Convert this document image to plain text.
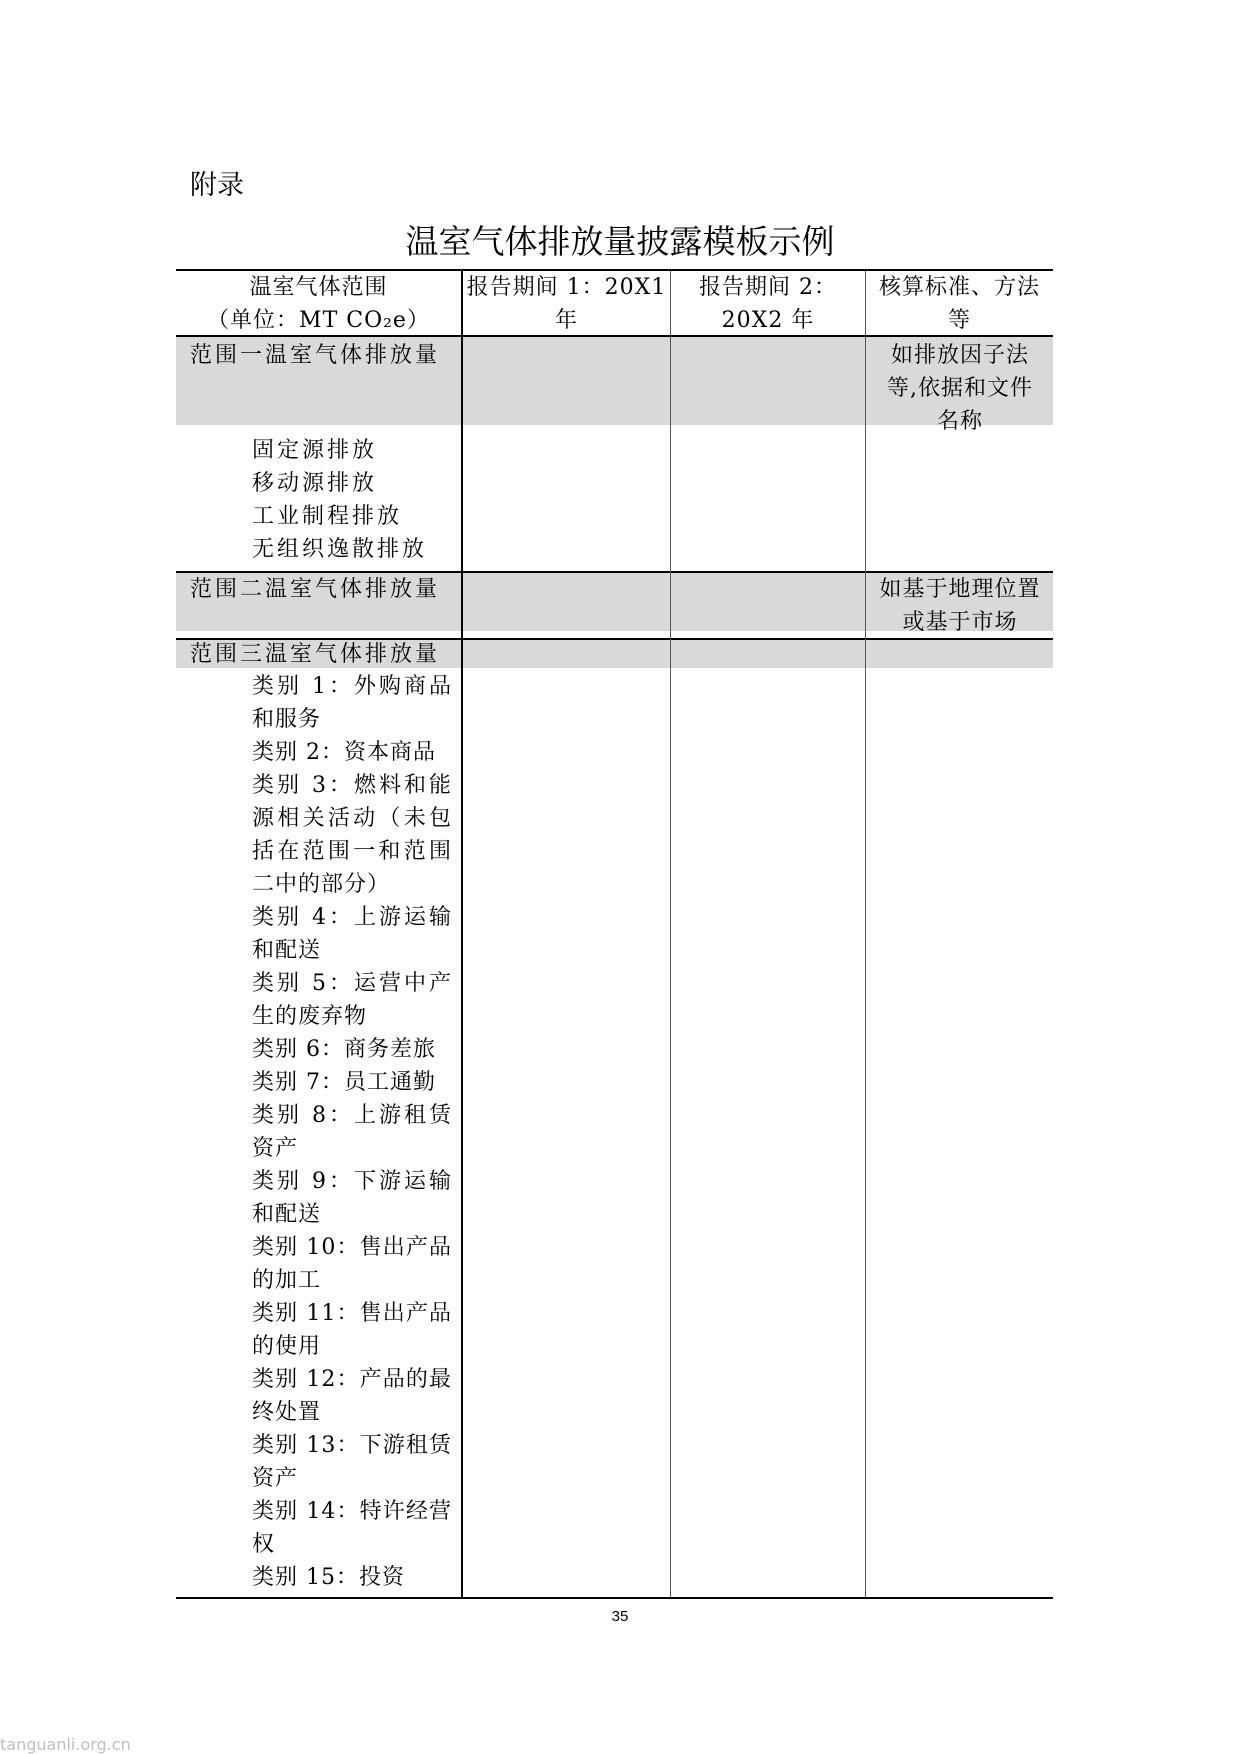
附录
温室气体排放量披露模板示例
温室气体范围
（单位：MT CO₂e）
报告期间 1：20X1
年
报告期间 2：
20X2 年
核算标准、方法
等
范围一温室气体排放量	如排放因子法等,依据和文件名称
固定源排放
移动源排放
工业制程排放
无组织逸散排放
范围二温室气体排放量	如基于地理位置或基于市场
范围三温室气体排放量
类别 1：外购商品和服务
类别 2：资本商品
类别 3：燃料和能源相关活动（未包括在范围一和范围二中的部分）
类别 4：上游运输和配送
类别 5：运营中产生的废弃物
类别 6：商务差旅
类别 7：员工通勤
类别 8：上游租赁资产
类别 9：下游运输和配送
类别 10：售出产品的加工
类别 11：售出产品的使用
类别 12：产品的最终处置
类别 13：下游租赁资产
类别 14：特许经营权
类别 15：投资
35
tanguanli.org.cn
